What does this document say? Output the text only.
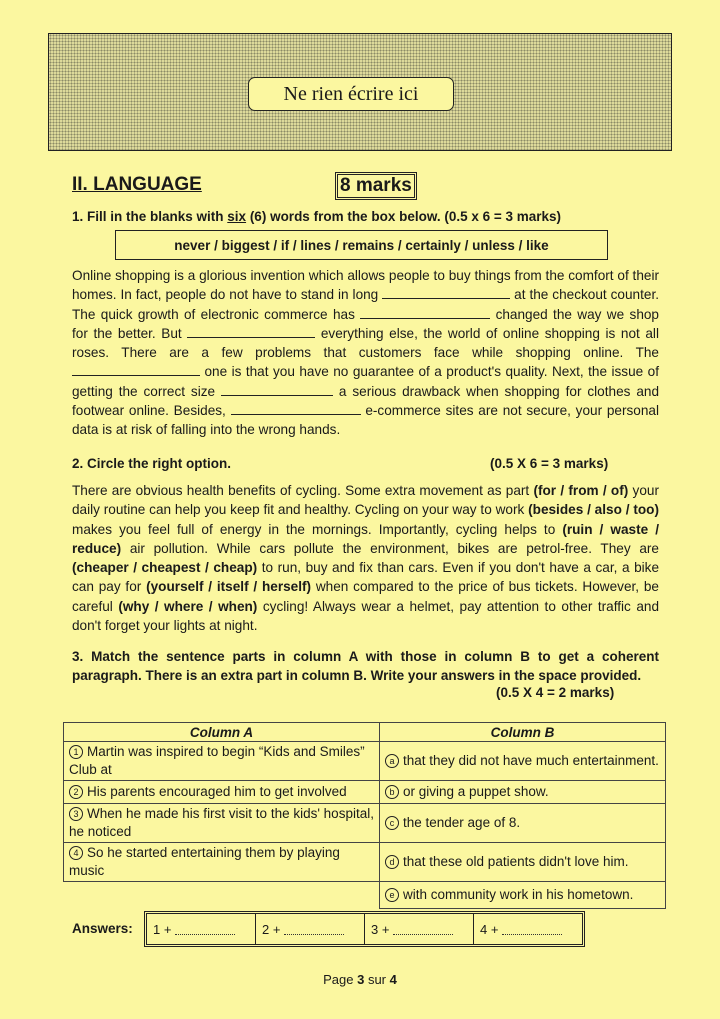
Ne rien écrire ici
II. LANGUAGE	8 marks
1. Fill in the blanks with six (6) words from the box below. (0.5 x 6 = 3 marks)
never / biggest / if / lines / remains / certainly / unless / like
Online shopping is a glorious invention which allows people to buy things from the comfort of their homes. In fact, people do not have to stand in long	at the checkout counter. The quick growth of electronic commerce has	changed the way we shop for the better. But	everything else, the world of online shopping is not all roses. There are a few problems that customers face while shopping online. The  one is that you have no guarantee of a product's quality. Next, the issue of getting the correct size	a serious drawback when shopping for clothes and footwear online. Besides,	e-commerce sites are not secure, your personal data is at risk of falling into the wrong hands.
2. Circle the right option.	(0.5 X 6 = 3 marks)
There are obvious health benefits of cycling. Some extra movement as part (for / from / of) your daily routine can help you keep fit and healthy. Cycling on your way to work (besides / also / too) makes you feel full of energy in the mornings. Importantly, cycling helps to (ruin / waste / reduce) air pollution. While cars pollute the environment, bikes are petrol-free. They are (cheaper / cheapest / cheap) to run, buy and fix than cars. Even if you don't have a car, a bike can pay for (yourself / itself / herself) when compared to the price of bus tickets. However, be careful (why / where / when) cycling! Always wear a helmet, pay attention to other traffic and don't forget your lights at night.
3. Match the sentence parts in column A with those in column B to get a coherent paragraph. There is an extra part in column B. Write your answers in the space provided.
(0.5 X 4 = 2 marks)
Column A	Column B
1 Martin was inspired to begin “Kids and Smiles” Club at	a that they did not have much entertainment.
2 His parents encouraged him to get involved	b or giving a puppet show.
3 When he made his first visit to the kids' hospital, he noticed	c the tender age of 8.
4 So he started entertaining them by playing music	d that these old patients didn't love him.
	e with community work in his hometown.
Answers: 1 +	2 +	3 +	4 +
Page 3 sur 4
